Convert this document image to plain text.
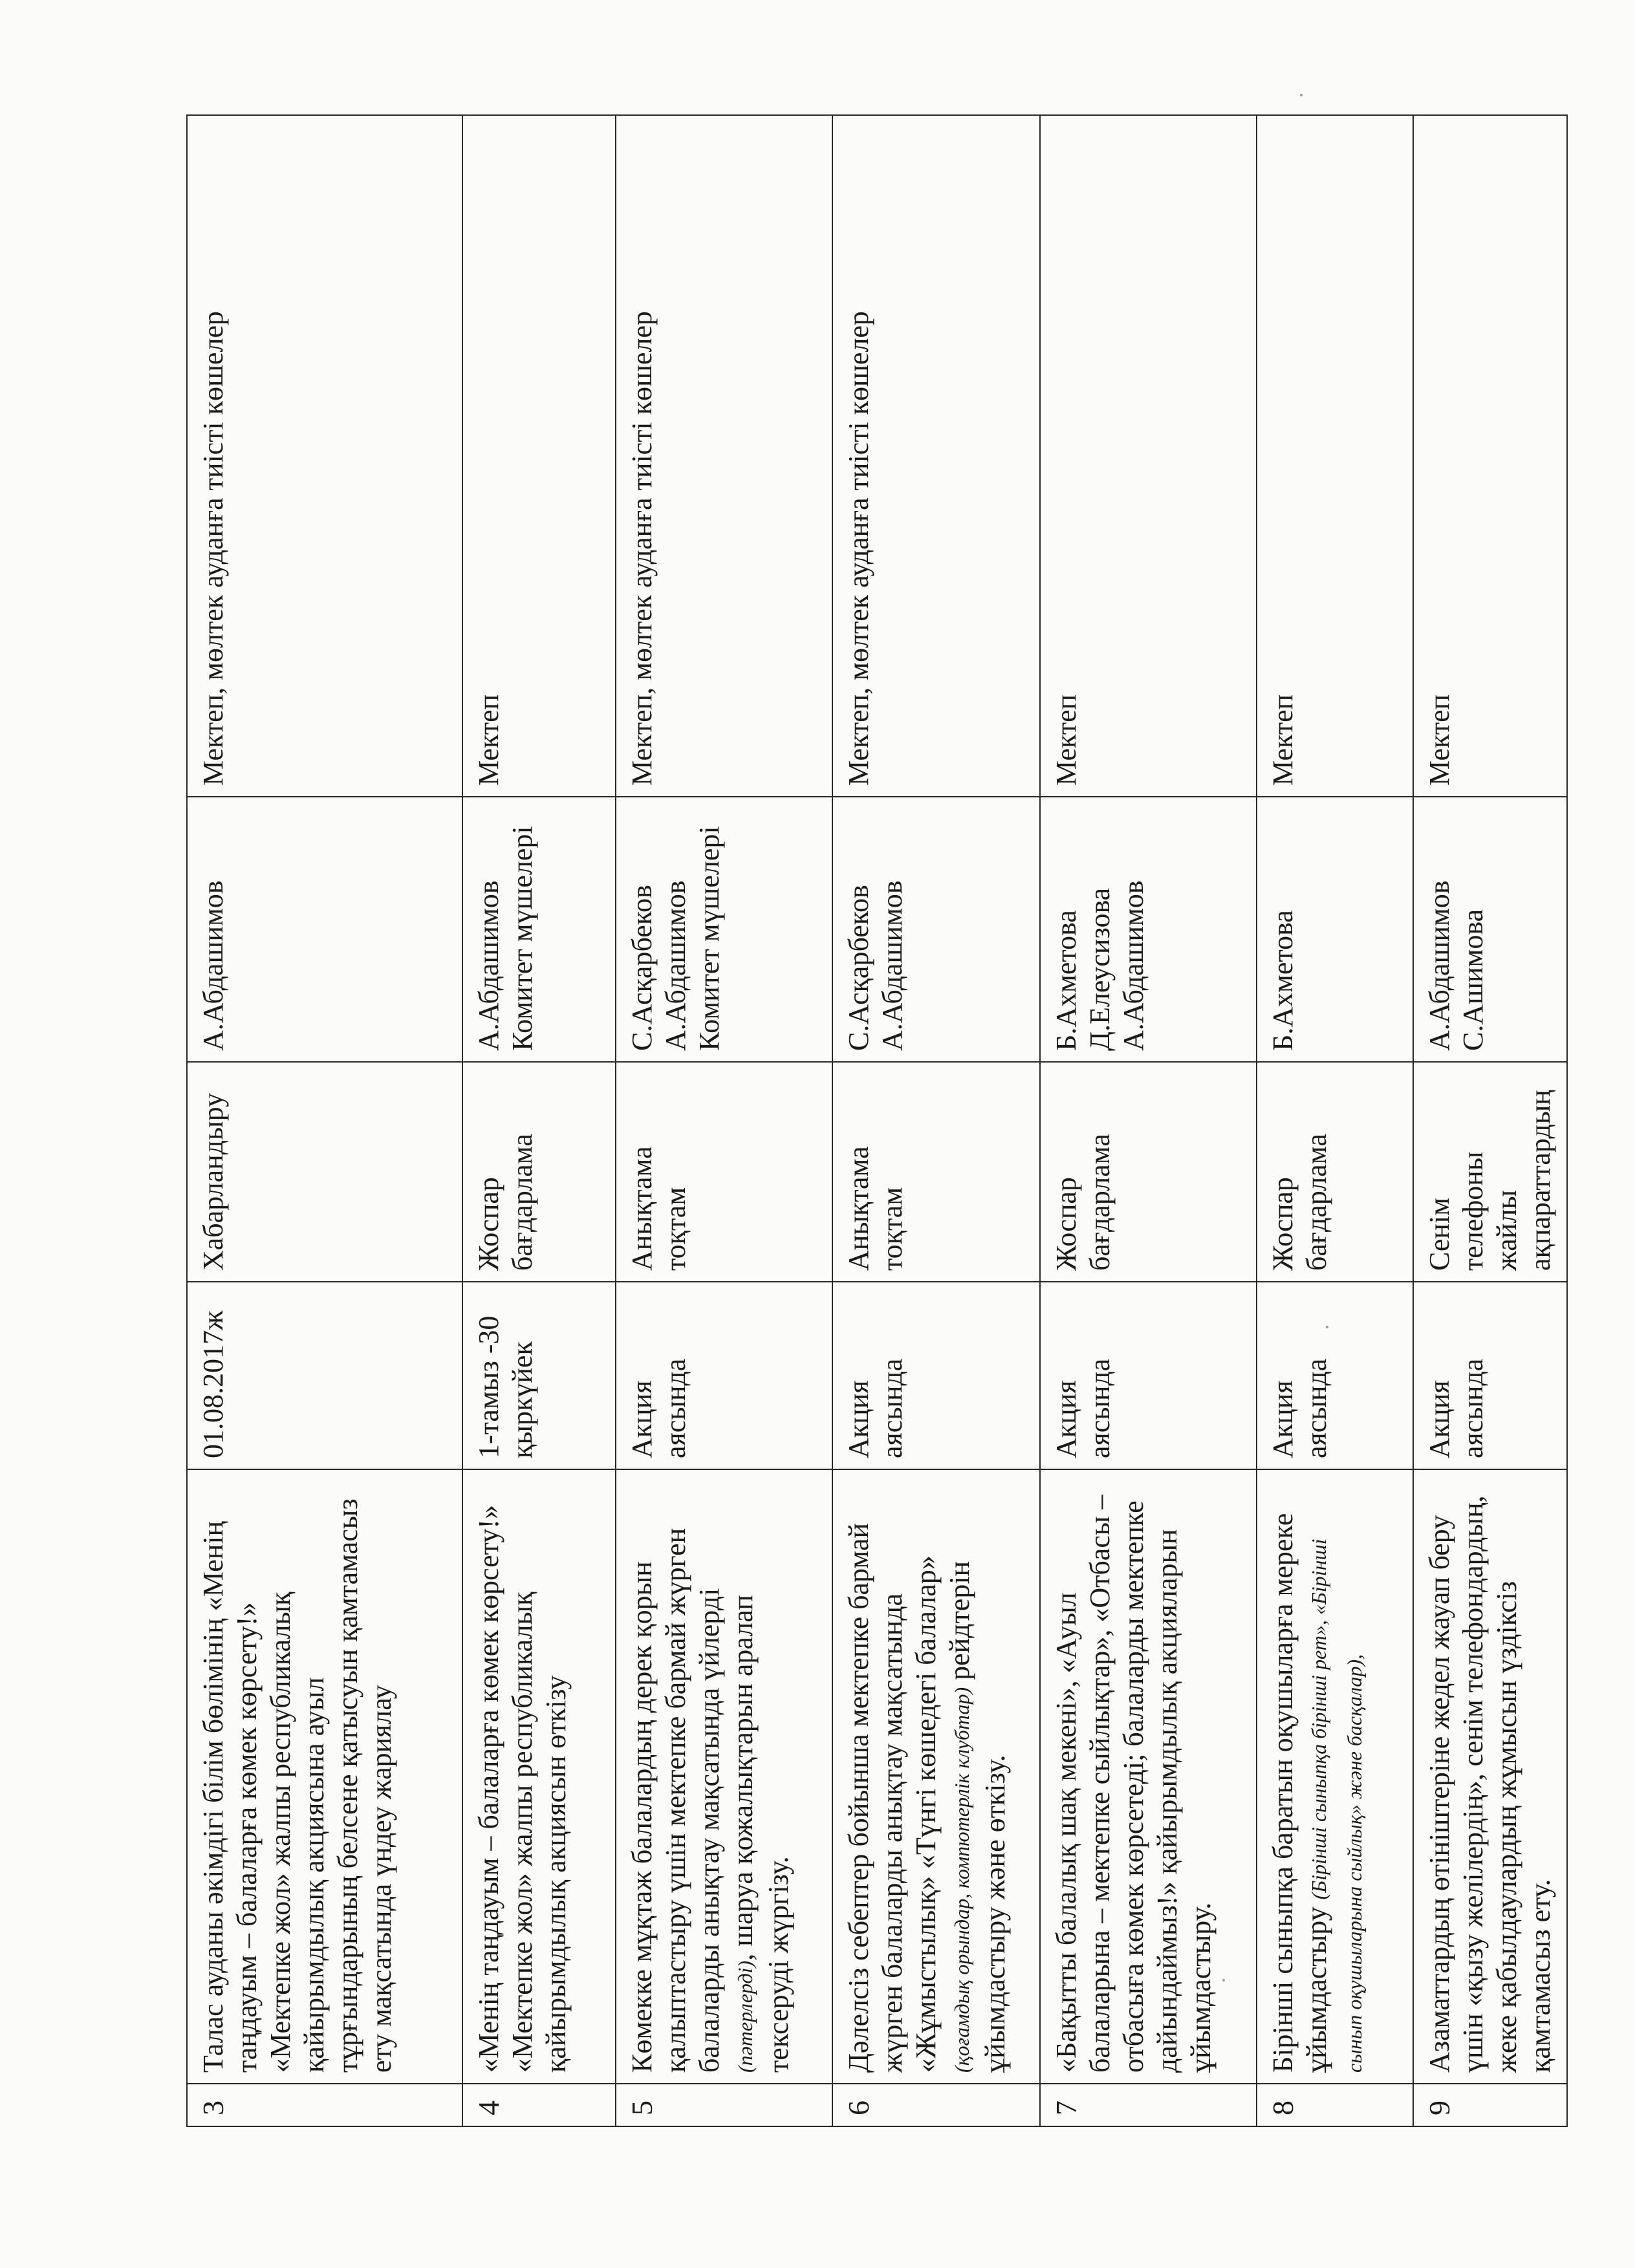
3	Талас ауданы әкімдігі білім бөлімінің «Менің таңдауым – балаларға көмек көрсету!» «Мектепке жол» жалпы республикалық қайырымдылық акциясына ауыл тұрғындарының белсене қатысуын қамтамасыз ету мақсатында үндеу жариялау	01.08.2017ж	Хабарландыру	А.Абдашимов	Мектеп, мөлтек ауданға тиісті көшелер
4	«Менің таңдауым – балаларға көмек көрсету!» «Мектепке жол» жалпы республикалық қайырымдылық акциясын өткізу	1-тамыз -30 қыркүйек	Жоспар бағдарлама	А.Абдашимов Комитет мүшелері	Мектеп
5	Көмекке мұқтаж балалардың дерек қорын қалыптастыру үшін мектепке бармай жүрген балаларды анықтау мақсатында үйлерді (пәтерлерді), шаруа қожалықтарын аралап тексеруді жүргізу.	Акция аясында	Анықтама тоқтам	С.Асқарбеков А.Абдашимов Комитет мүшелері	Мектеп, мөлтек ауданға тиісті көшелер
6	Дәлелсіз себептер бойынша мектепке бармай жүрген балаларды анықтау мақсатында «Жұмыстылық» «Түнгі көшедегі балалар» (қоғамдық орындар, компютерлік клубтар) рейдтерін ұйымдастыру және өткізу.	Акция аясында	Анықтама тоқтам	С.Асқарбеков А.Абдашимов	Мектеп, мөлтек ауданға тиісті көшелер
7	«Бақытты балалық шақ мекені», «Ауыл балаларына – мектепке сыйлықтар», «Отбасы – отбасыға көмек көрсетеді; балаларды мектепке дайындаймыз!» қайырымдылық акцияларын ұйымдастыру.	Акция аясында	Жоспар бағдарлама	Б.Ахметова Д.Елеусизова А.Абдашимов	Мектеп
8	Бірінші сыныпқа баратын оқушыларға мереке ұйымдастыру (Бірінші сыныпқа бірінші рет», «Бірінші сынып оқушыларына сыйлық» және басқалар),	Акция аясында	Жоспар бағдарлама	Б.Ахметова	Мектеп
9	Азаматтардың өтініштеріне жедел жауап беру үшін «қызу желілердің», сенім телефондардың, жеке қабылдаулардың жұмысын үздіксіз қамтамасыз ету.	Акция аясында	Сенім телефоны жайлы ақпараттардың	А.Абдашимов С.Ашимова	Мектеп
